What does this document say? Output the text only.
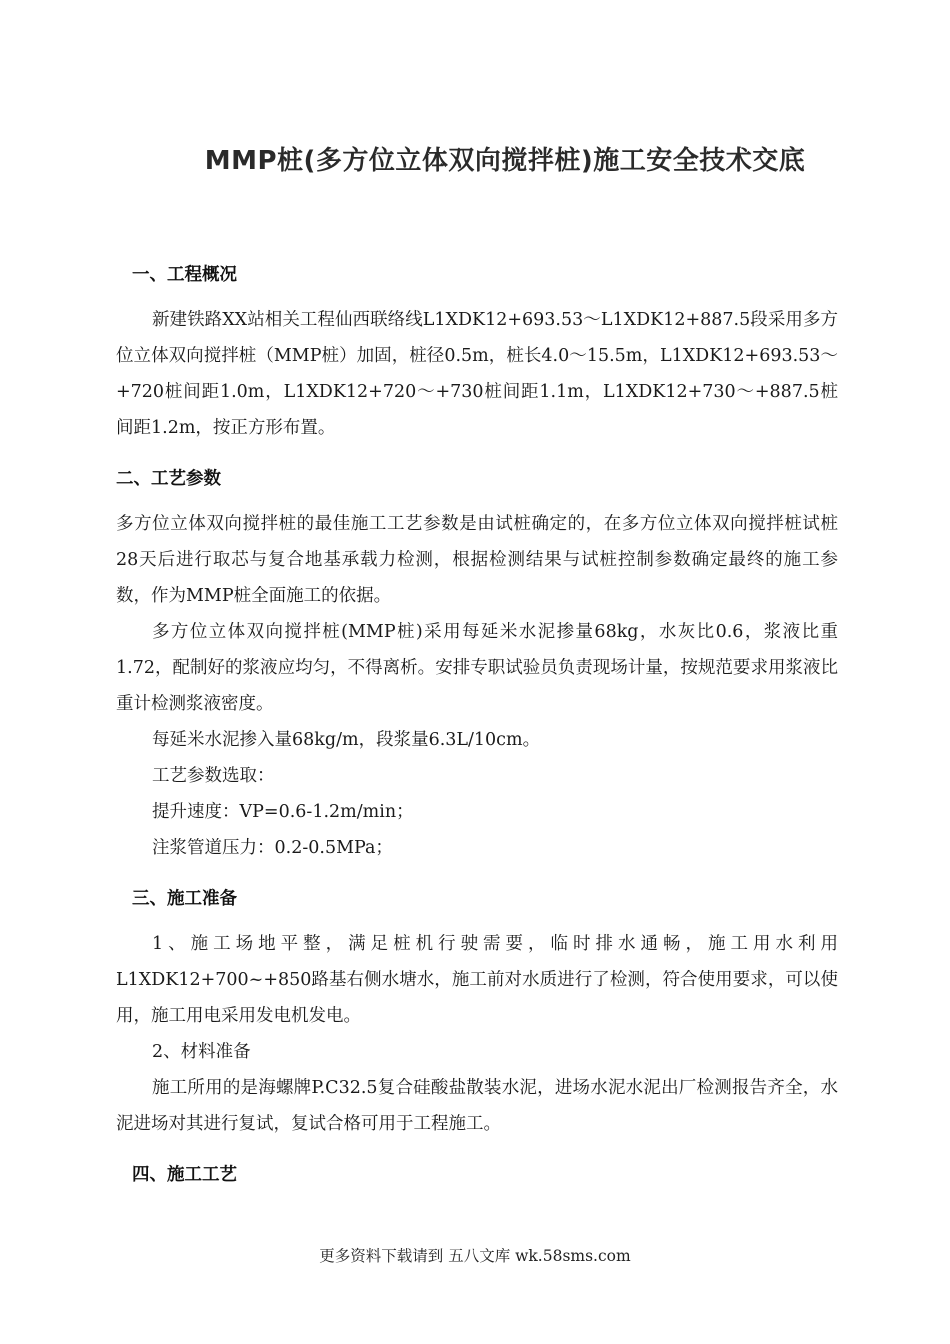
MMP桩(多方位立体双向搅拌桩)施工安全技术交底
一、工程概况

新建铁路XX站相关工程仙西联络线L1XDK12+693.53～L1XDK12+887.5段采用多方位立体双向搅拌桩（MMP桩）加固，桩径0.5m，桩长4.0～15.5m，L1XDK12+693.53～+720桩间距1.0m，L1XDK12+720～+730桩间距1.1m，L1XDK12+730～+887.5桩间距1.2m，按正方形布置。

二、工艺参数

多方位立体双向搅拌桩的最佳施工工艺参数是由试桩确定的，在多方位立体双向搅拌桩试桩28天后进行取芯与复合地基承载力检测，根据检测结果与试桩控制参数确定最终的施工参数，作为MMP桩全面施工的依据。

多方位立体双向搅拌桩(MMP桩)采用每延米水泥掺量68kg，水灰比0.6，浆液比重1.72，配制好的浆液应均匀，不得离析。安排专职试验员负责现场计量，按规范要求用浆液比重计检测浆液密度。

每延米水泥掺入量68kg/m，段浆量6.3L/10cm。

工艺参数选取：

提升速度：VP=0.6-1.2m/min；

注浆管道压力：0.2-0.5MPa；

三、施工准备

1、施工场地平整，满足桩机行驶需要，临时排水通畅，施工用水利用L1XDK12+700~+850路基右侧水塘水，施工前对水质进行了检测，符合使用要求，可以使用，施工用电采用发电机发电。

2、材料准备

施工所用的是海螺牌P.C32.5复合硅酸盐散装水泥，进场水泥水泥出厂检测报告齐全，水泥进场对其进行复试，复试合格可用于工程施工。

四、施工工艺
更多资料下载请到 五八文库 wk.58sms.com
